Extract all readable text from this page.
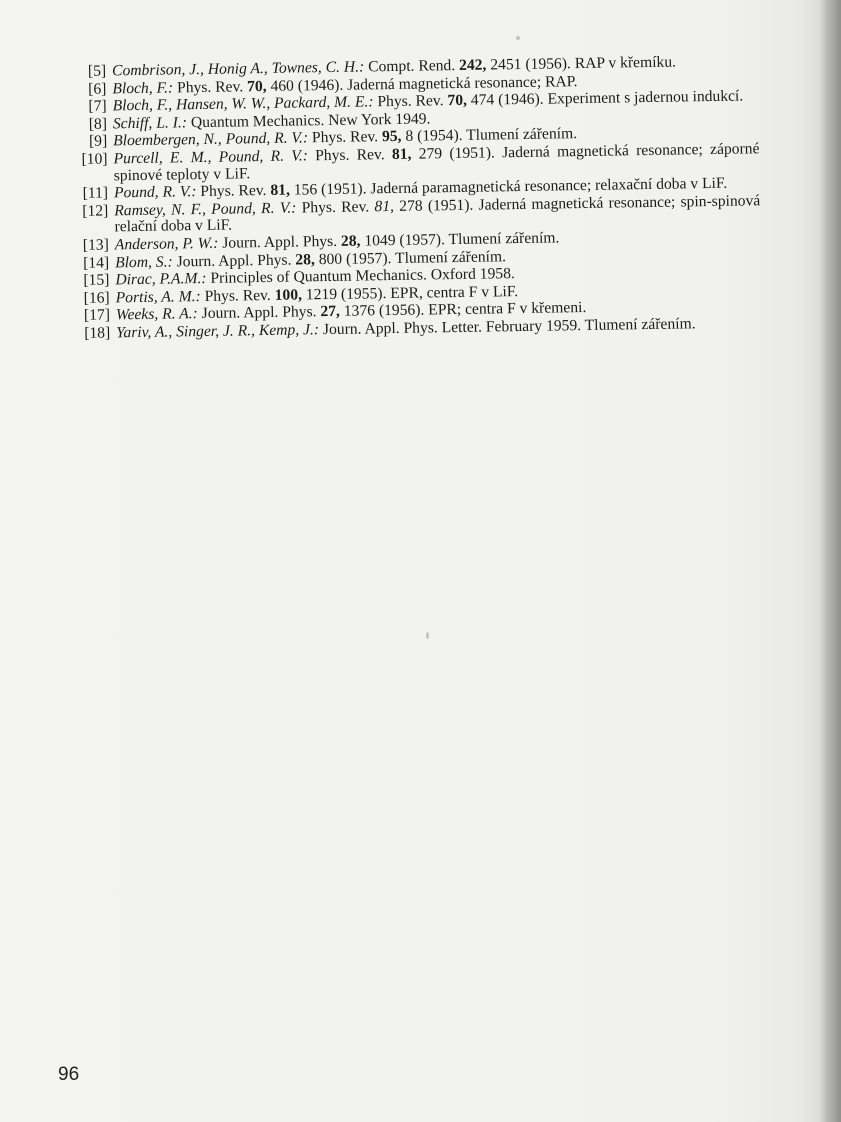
[5] Combrison, J., Honig A., Townes, C. H.: Compt. Rend. 242, 2451 (1956). RAP v křemíku.
[6] Bloch, F.: Phys. Rev. 70, 460 (1946). Jaderná magnetická resonance; RAP.
[7] Bloch, F., Hansen, W. W., Packard, M. E.: Phys. Rev. 70, 474 (1946). Experiment s jadernou indukcí.
[8] Schiff, L. I.: Quantum Mechanics. New York 1949.
[9] Bloembergen, N., Pound, R. V.: Phys. Rev. 95, 8 (1954). Tlumení zářením.
[10] Purcell, E. M., Pound, R. V.: Phys. Rev. 81, 279 (1951). Jaderná magnetická resonance; záporné spinové teploty v LiF.
[11] Pound, R. V.: Phys. Rev. 81, 156 (1951). Jaderná paramagnetická resonance; relaxační doba v LiF.
[12] Ramsey, N. F., Pound, R. V.: Phys. Rev. 81, 278 (1951). Jaderná magnetická resonance; spin-spinová relační doba v LiF.
[13] Anderson, P. W.: Journ. Appl. Phys. 28, 1049 (1957). Tlumení zářením.
[14] Blom, S.: Journ. Appl. Phys. 28, 800 (1957). Tlumení zářením.
[15] Dirac, P.A.M.: Principles of Quantum Mechanics. Oxford 1958.
[16] Portis, A. M.: Phys. Rev. 100, 1219 (1955). EPR, centra F v LiF.
[17] Weeks, R. A.: Journ. Appl. Phys. 27, 1376 (1956). EPR; centra F v křemeni.
[18] Yariv, A., Singer, J. R., Kemp, J.: Journ. Appl. Phys. Letter. February 1959. Tlumení zářením.
96
